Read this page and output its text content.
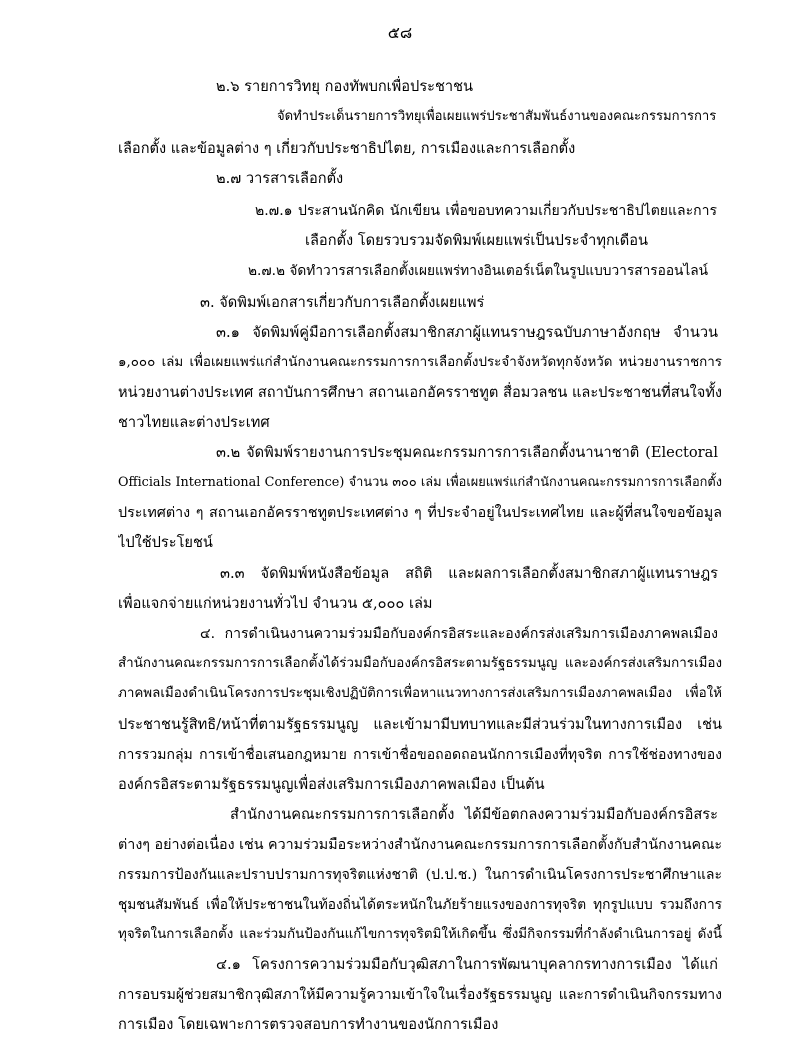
๕๘
๒.๖ รายการวิทยุ กองทัพบกเพื่อประชาชน
จัดทำประเด็นรายการวิทยุเพื่อเผยแพร่ประชาสัมพันธ์งานของคณะกรรมการการ
เลือกตั้ง และข้อมูลต่าง ๆ เกี่ยวกับประชาธิปไตย, การเมืองและการเลือกตั้ง
๒.๗ วารสารเลือกตั้ง
๒.๗.๑ ประสานนักคิด นักเขียน เพื่อขอบทความเกี่ยวกับประชาธิปไตยและการ
เลือกตั้ง โดยรวบรวมจัดพิมพ์เผยแพร่เป็นประจำทุกเดือน
๒.๗.๒ จัดทำวารสารเลือกตั้งเผยแพร่ทางอินเตอร์เน็ตในรูปแบบวารสารออนไลน์
๓. จัดพิมพ์เอกสารเกี่ยวกับการเลือกตั้งเผยแพร่
๓.๑ จัดพิมพ์คู่มือการเลือกตั้งสมาชิกสภาผู้แทนราษฎรฉบับภาษาอังกฤษ จำนวน
๑,๐๐๐ เล่ม เพื่อเผยแพร่แก่สำนักงานคณะกรรมการการเลือกตั้งประจำจังหวัดทุกจังหวัด หน่วยงานราชการ
หน่วยงานต่างประเทศ สถาบันการศึกษา สถานเอกอัครราชทูต สื่อมวลชน และประชาชนที่สนใจทั้ง
ชาวไทยและต่างประเทศ
๓.๒ จัดพิมพ์รายงานการประชุมคณะกรรมการการเลือกตั้งนานาชาติ (Electoral
Officials International Conference) จำนวน ๓๐๐ เล่ม เพื่อเผยแพร่แก่สำนักงานคณะกรรมการการเลือกตั้ง
ประเทศต่าง ๆ สถานเอกอัครราชทูตประเทศต่าง ๆ ที่ประจำอยู่ในประเทศไทย และผู้ที่สนใจขอข้อมูล
ไปใช้ประโยชน์
๓.๓ จัดพิมพ์หนังสือข้อมูล สถิติ และผลการเลือกตั้งสมาชิกสภาผู้แทนราษฎร
เพื่อแจกจ่ายแก่หน่วยงานทั่วไป จำนวน ๕,๐๐๐ เล่ม
๔. การดำเนินงานความร่วมมือกับองค์กรอิสระและองค์กรส่งเสริมการเมืองภาคพลเมือง
สำนักงานคณะกรรมการการเลือกตั้งได้ร่วมมือกับองค์กรอิสระตามรัฐธรรมนูญ และองค์กรส่งเสริมการเมือง
ภาคพลเมืองดำเนินโครงการประชุมเชิงปฏิบัติการเพื่อหาแนวทางการส่งเสริมการเมืองภาคพลเมือง เพื่อให้
ประชาชนรู้สิทธิ/หน้าที่ตามรัฐธรรมนูญ และเข้ามามีบทบาทและมีส่วนร่วมในทางการเมือง เช่น
การรวมกลุ่ม การเข้าชื่อเสนอกฎหมาย การเข้าชื่อขอถอดถอนนักการเมืองที่ทุจริต การใช้ช่องทางของ
องค์กรอิสระตามรัฐธรรมนูญเพื่อส่งเสริมการเมืองภาคพลเมือง เป็นต้น
สำนักงานคณะกรรมการการเลือกตั้ง ได้มีข้อตกลงความร่วมมือกับองค์กรอิสระ
ต่างๆ อย่างต่อเนื่อง เช่น ความร่วมมือระหว่างสำนักงานคณะกรรมการการเลือกตั้งกับสำนักงานคณะ
กรรมการป้องกันและปราบปรามการทุจริตแห่งชาติ (ป.ป.ช.) ในการดำเนินโครงการประชาศึกษาและ
ชุมชนสัมพันธ์ เพื่อให้ประชาชนในท้องถิ่นได้ตระหนักในภัยร้ายแรงของการทุจริต ทุกรูปแบบ รวมถึงการ
ทุจริตในการเลือกตั้ง และร่วมกันป้องกันแก้ไขการทุจริตมิให้เกิดขึ้น ซึ่งมีกิจกรรมที่กำลังดำเนินการอยู่ ดังนี้
๔.๑ โครงการความร่วมมือกับวุฒิสภาในการพัฒนาบุคลากรทางการเมือง ได้แก่
การอบรมผู้ช่วยสมาชิกวุฒิสภาให้มีความรู้ความเข้าใจในเรื่องรัฐธรรมนูญ และการดำเนินกิจกรรมทาง
การเมือง โดยเฉพาะการตรวจสอบการทำงานของนักการเมือง
